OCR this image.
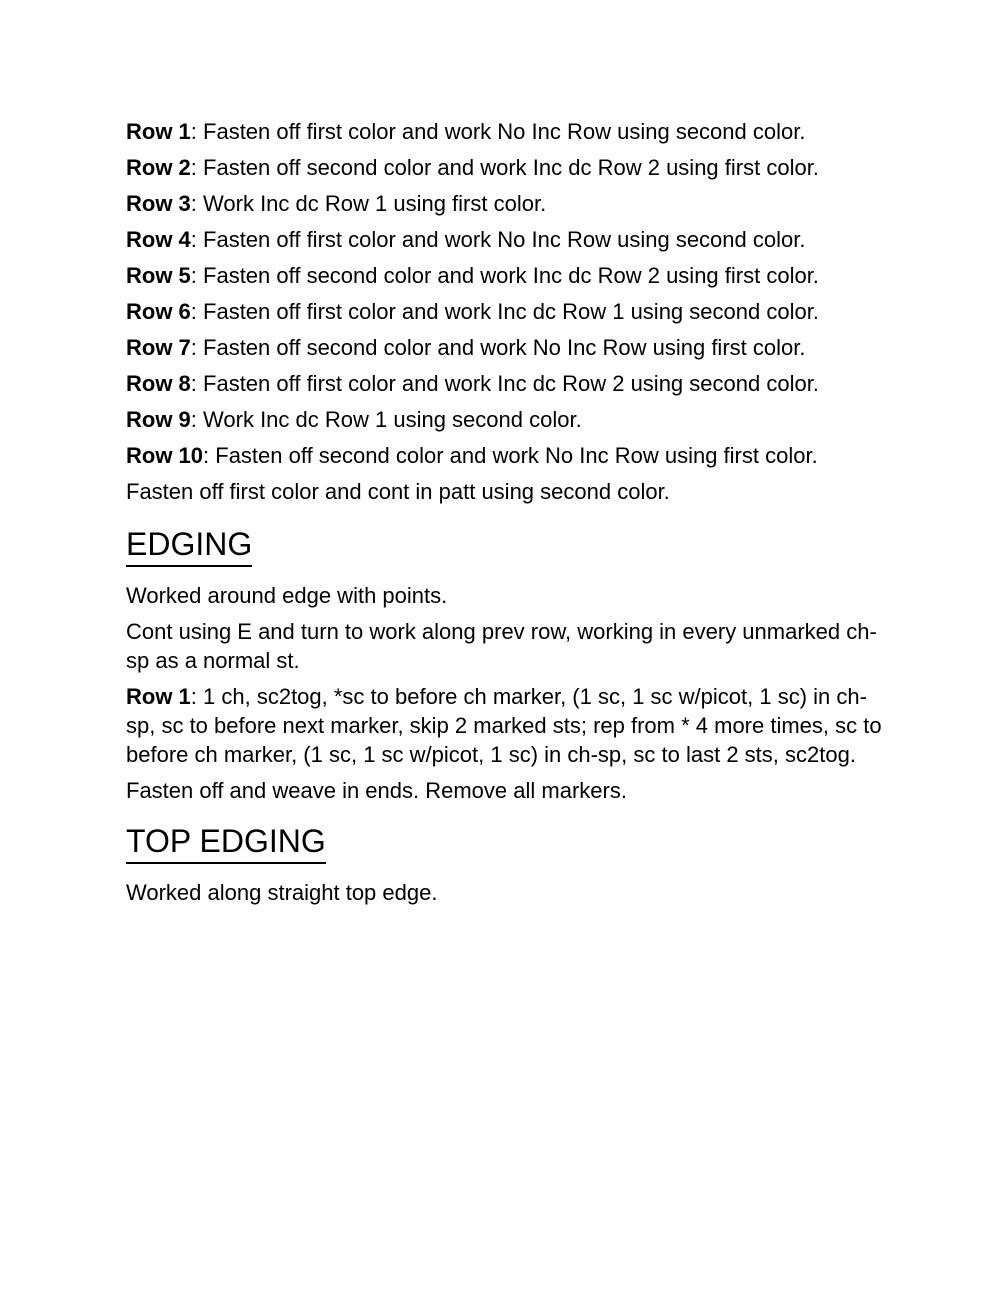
Row 1: Fasten off first color and work No Inc Row using second color.

Row 2: Fasten off second color and work Inc dc Row 2 using first color.

Row 3: Work Inc dc Row 1 using first color.

Row 4: Fasten off first color and work No Inc Row using second color.

Row 5: Fasten off second color and work Inc dc Row 2 using first color.

Row 6: Fasten off first color and work Inc dc Row 1 using second color.

Row 7: Fasten off second color and work No Inc Row using first color.

Row 8: Fasten off first color and work Inc dc Row 2 using second color.

Row 9: Work Inc dc Row 1 using second color.

Row 10: Fasten off second color and work No Inc Row using first color.

Fasten off first color and cont in patt using second color.

EDGING

Worked around edge with points.

Cont using E and turn to work along prev row, working in every unmarked ch-sp as a normal st.

Row 1: 1 ch, sc2tog, *sc to before ch marker, (1 sc, 1 sc w/picot, 1 sc) in ch-sp, sc to before next marker, skip 2 marked sts; rep from * 4 more times, sc to before ch marker, (1 sc, 1 sc w/picot, 1 sc) in ch-sp, sc to last 2 sts, sc2tog.

Fasten off and weave in ends. Remove all markers.

TOP EDGING

Worked along straight top edge.
